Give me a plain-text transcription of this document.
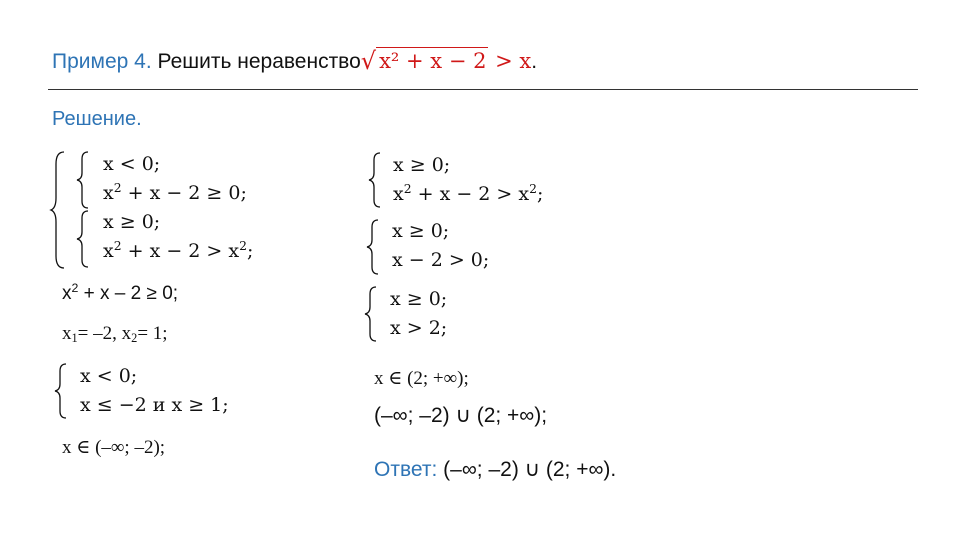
Пример 4. Решить неравенство√ x² + x − 2 > x.
Решение.
x < 0;
$x^2 + x - 2 \ge 0$;
x ≥ 0;
$x^2 + x - 2 > x^2$;
$x^2 + x - 2 \ge 0$;
$x_1= -2$, $x_2= 1$;
x < 0;
x ≤ −2 и x ≥ 1;
x ∈ (–∞; –2);
x ≥ 0;
$x^2 + x - 2 > x^2$;
x ≥ 0;
x − 2 > 0;
x ≥ 0;
x > 2;
x ∈ (2; +∞);
(–∞; –2) ∪ (2; +∞);
Ответ: (–∞; –2) ∪ (2; +∞).
